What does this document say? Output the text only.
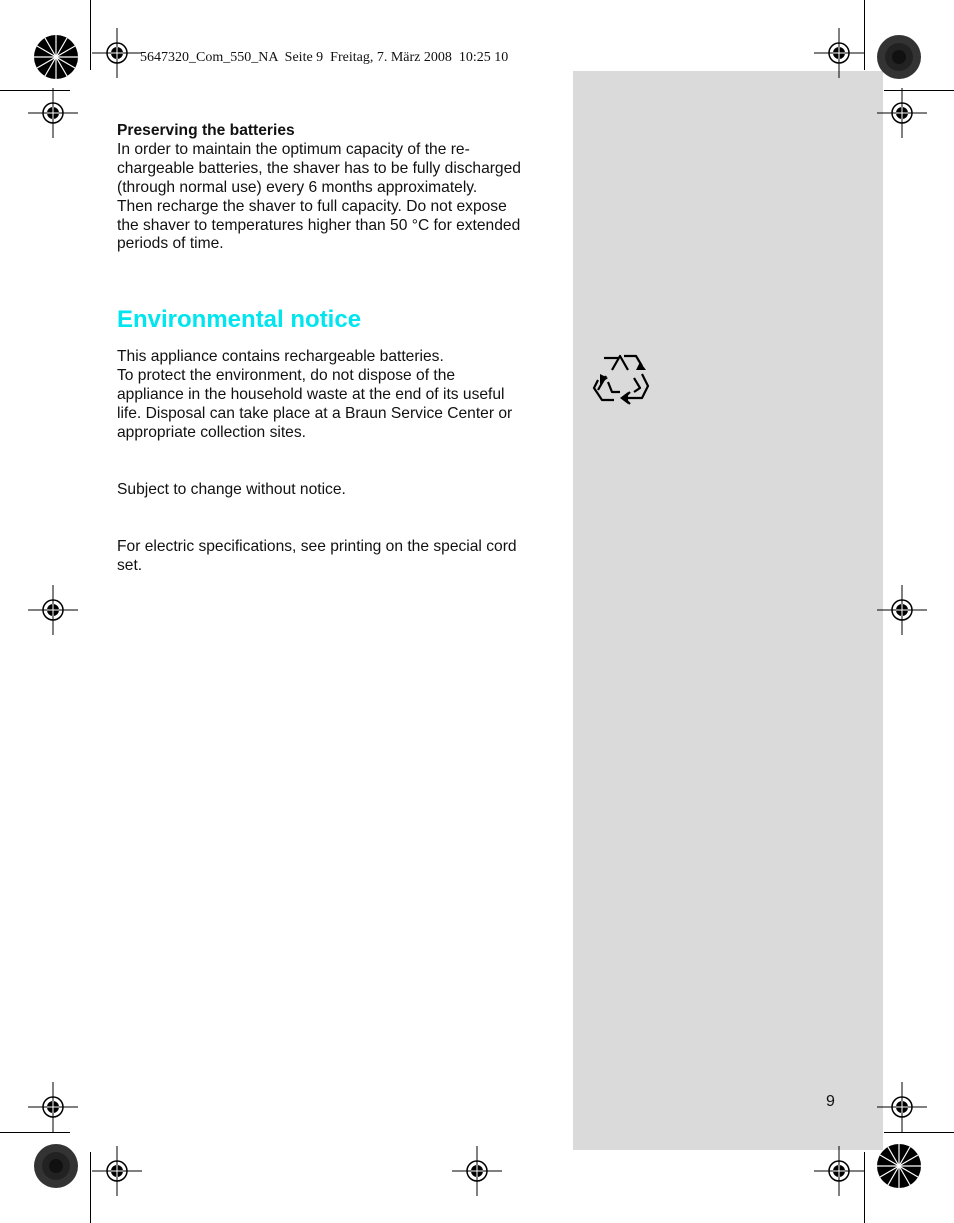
5647320_Com_550_NA  Seite 9  Freitag, 7. März 2008  10:25 10

Preserving the batteries

In order to maintain the optimum capacity of the re-

chargeable batteries, the shaver has to be fully discharged

(through normal use) every 6 months approximately.

Then recharge the shaver to full capacity. Do not expose

the shaver to temperatures higher than 50 °C for extended

periods of time.

Environmental notice

This appliance contains rechargeable batteries.

To protect the environment, do not dispose of the

appliance in the household waste at the end of its useful

life. Disposal can take place at a Braun Service Center or

appropriate collection sites.

Subject to change without notice.

For electric specifications, see printing on the special cord

set.

9
